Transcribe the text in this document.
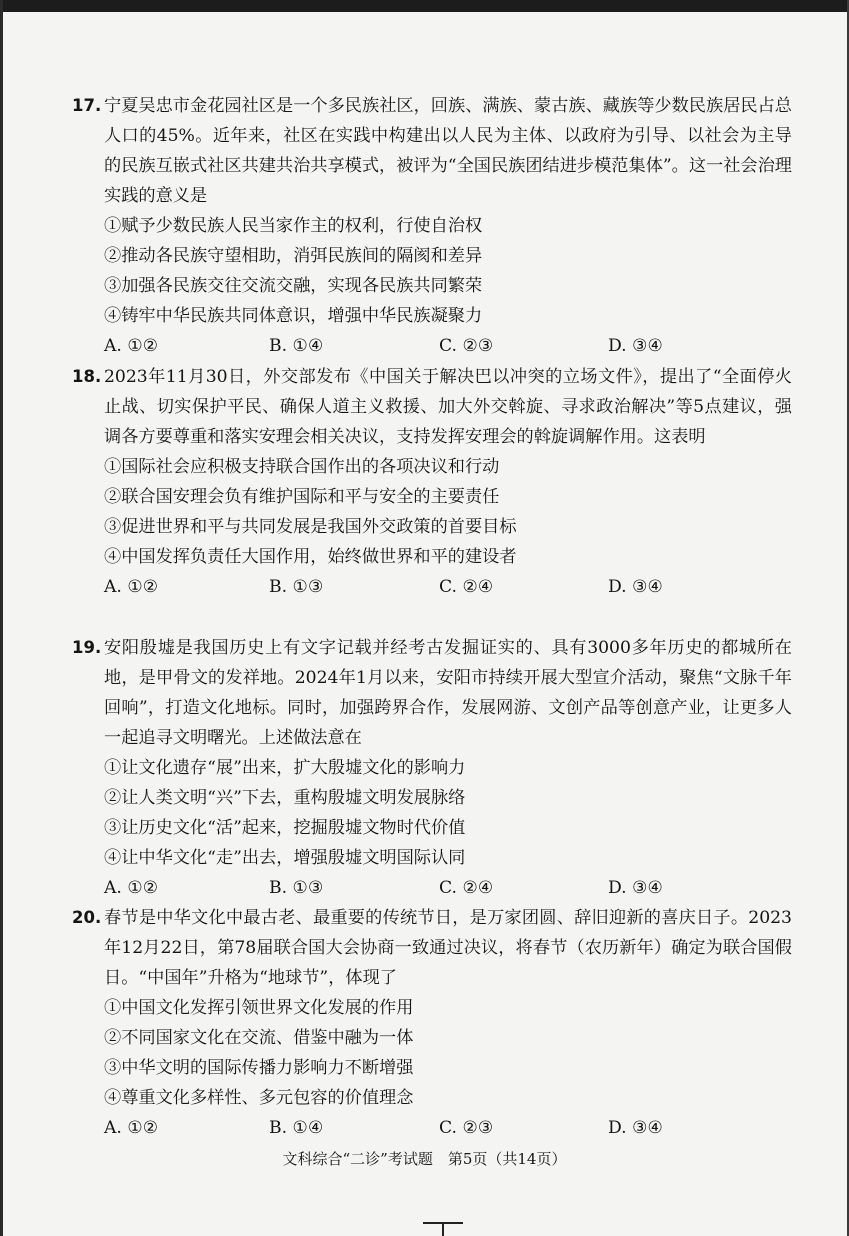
17. 宁夏吴忠市金花园社区是一个多民族社区，回族、满族、蒙古族、藏族等少数民族居民占总人口的45%。近年来，社区在实践中构建出以人民为主体、以政府为引导、以社会为主导的民族互嵌式社区共建共治共享模式，被评为“全国民族团结进步模范集体”。这一社会治理实践的意义是
①赋予少数民族人民当家作主的权利，行使自治权
②推动各民族守望相助，消弭民族间的隔阂和差异
③加强各民族交往交流交融，实现各民族共同繁荣
④铸牢中华民族共同体意识，增强中华民族凝聚力
A. ①②	B. ①④	C. ②③	D. ③④
18. 2023年11月30日，外交部发布《中国关于解决巴以冲突的立场文件》，提出了“全面停火止战、切实保护平民、确保人道主义救援、加大外交斡旋、寻求政治解决”等5点建议，强调各方要尊重和落实安理会相关决议，支持发挥安理会的斡旋调解作用。这表明
①国际社会应积极支持联合国作出的各项决议和行动
②联合国安理会负有维护国际和平与安全的主要责任
③促进世界和平与共同发展是我国外交政策的首要目标
④中国发挥负责任大国作用，始终做世界和平的建设者
A. ①②	B. ①③	C. ②④	D. ③④
19. 安阳殷墟是我国历史上有文字记载并经考古发掘证实的、具有3000多年历史的都城所在地，是甲骨文的发祥地。2024年1月以来，安阳市持续开展大型宣介活动，聚焦“文脉千年回响”，打造文化地标。同时，加强跨界合作，发展网游、文创产品等创意产业，让更多人一起追寻文明曙光。上述做法意在
①让文化遗存“展”出来，扩大殷墟文化的影响力
②让人类文明“兴”下去，重构殷墟文明发展脉络
③让历史文化“活”起来，挖掘殷墟文物时代价值
④让中华文化“走”出去，增强殷墟文明国际认同
A. ①②	B. ①③	C. ②④	D. ③④
20. 春节是中华文化中最古老、最重要的传统节日，是万家团圆、辞旧迎新的喜庆日子。2023年12月22日，第78届联合国大会协商一致通过决议，将春节（农历新年）确定为联合国假日。“中国年”升格为“地球节”，体现了
①中国文化发挥引领世界文化发展的作用
②不同国家文化在交流、借鉴中融为一体
③中华文明的国际传播力影响力不断增强
④尊重文化多样性、多元包容的价值理念
A. ①②	B. ①④	C. ②③	D. ③④
文科综合“二诊”考试题　第5页（共14页）
